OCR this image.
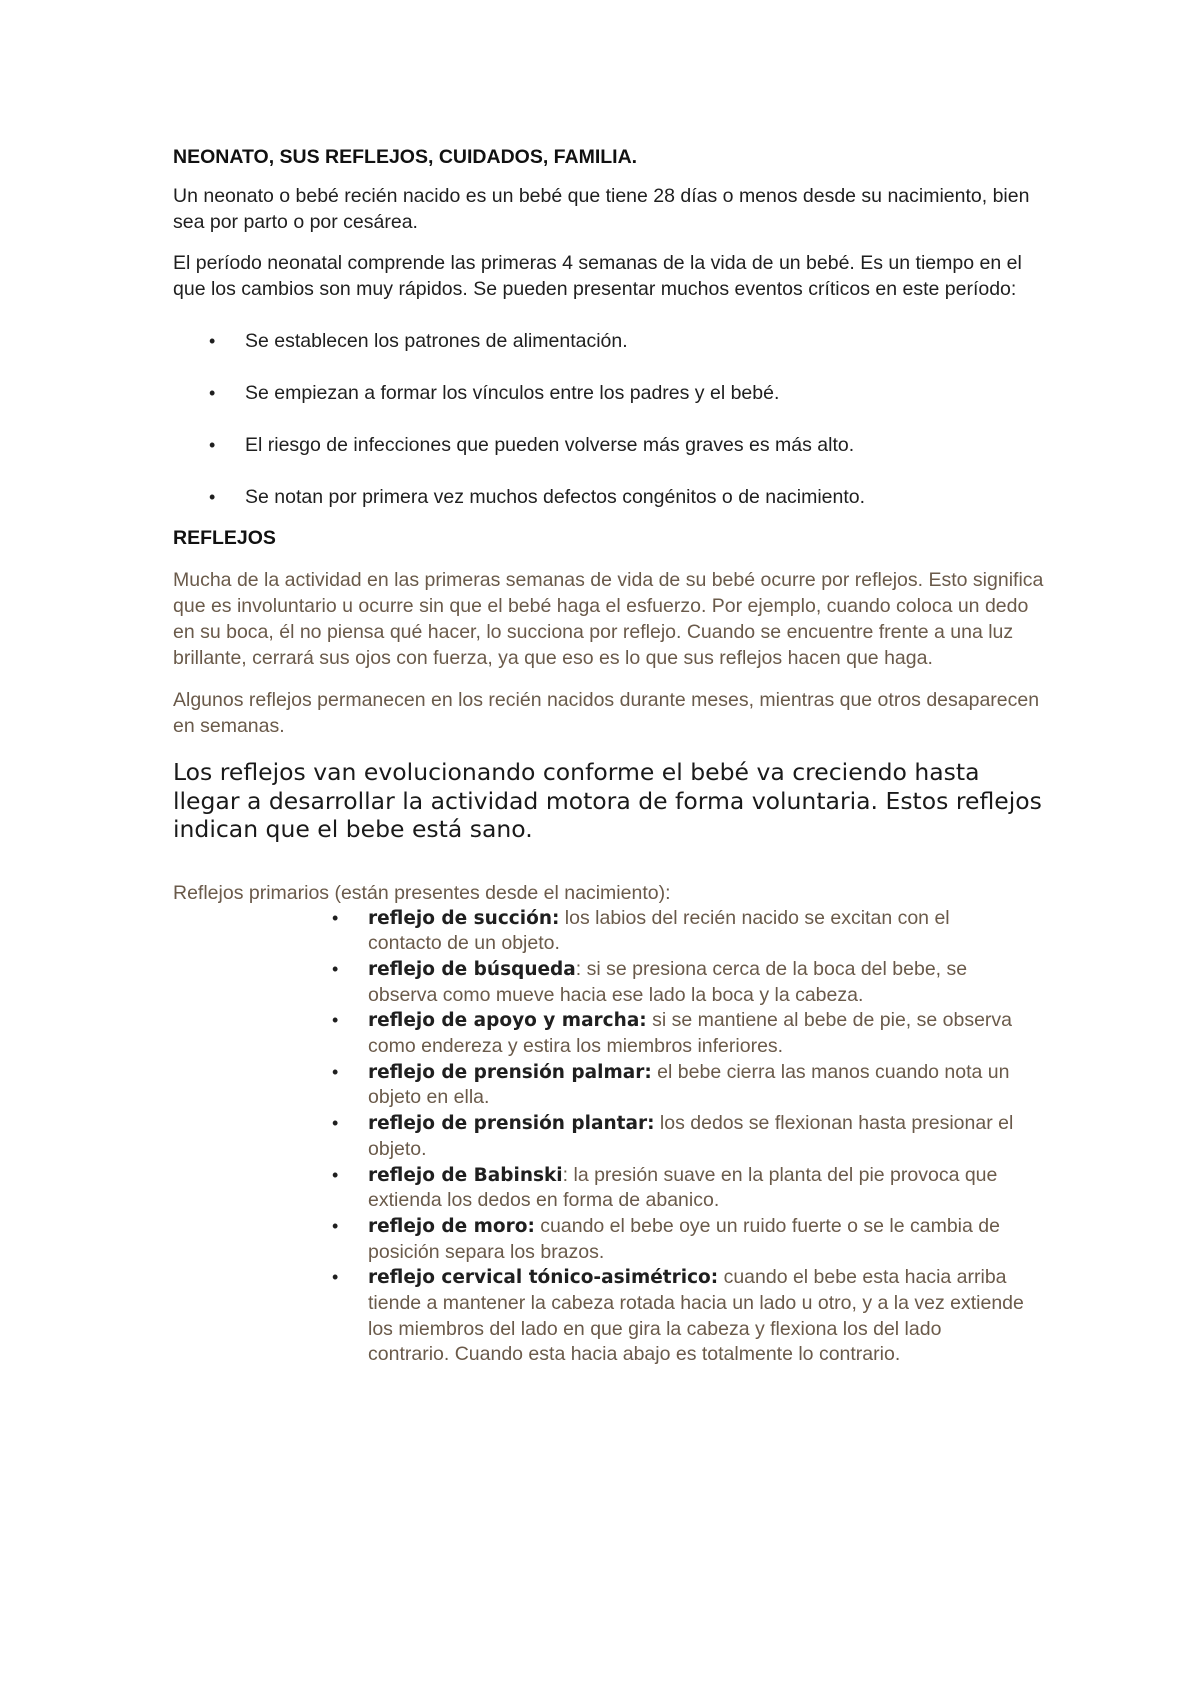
NEONATO, SUS REFLEJOS, CUIDADOS, FAMILIA.

Un neonato o bebé recién nacido es un bebé que tiene 28 días o menos desde su nacimiento, bien sea por parto o por cesárea.

El período neonatal comprende las primeras 4 semanas de la vida de un bebé. Es un tiempo en el que los cambios son muy rápidos. Se pueden presentar muchos eventos críticos en este período:

• Se establecen los patrones de alimentación.
• Se empiezan a formar los vínculos entre los padres y el bebé.
• El riesgo de infecciones que pueden volverse más graves es más alto.
• Se notan por primera vez muchos defectos congénitos o de nacimiento.
REFLEJOS

Mucha de la actividad en las primeras semanas de vida de su bebé ocurre por reflejos. Esto significa que es involuntario u ocurre sin que el bebé haga el esfuerzo. Por ejemplo, cuando coloca un dedo en su boca, él no piensa qué hacer, lo succiona por reflejo. Cuando se encuentre frente a una luz brillante, cerrará sus ojos con fuerza, ya que eso es lo que sus reflejos hacen que haga.

Algunos reflejos permanecen en los recién nacidos durante meses, mientras que otros desaparecen en semanas.

Los reflejos van evolucionando conforme el bebé va creciendo hasta llegar a desarrollar la actividad motora de forma voluntaria. Estos reflejos indican que el bebe está sano.

Reflejos primarios (están presentes desde el nacimiento):

• reflejo de succión: los labios del recién nacido se excitan con el contacto de un objeto.
• reflejo de búsqueda: si se presiona cerca de la boca del bebe, se observa como mueve hacia ese lado la boca y la cabeza.
• reflejo de apoyo y marcha: si se mantiene al bebe de pie, se observa como endereza y estira los miembros inferiores.
• reflejo de prensión palmar: el bebe cierra las manos cuando nota un objeto en ella.
• reflejo de prensión plantar: los dedos se flexionan hasta presionar el objeto.
• reflejo de Babinski: la presión suave en la planta del pie provoca que extienda los dedos en forma de abanico.
• reflejo de moro: cuando el bebe oye un ruido fuerte o se le cambia de posición separa los brazos.
• reflejo cervical tónico-asimétrico: cuando el bebe esta hacia arriba tiende a mantener la cabeza rotada hacia un lado u otro, y a la vez extiende los miembros del lado en que gira la cabeza y flexiona los del lado contrario. Cuando esta hacia abajo es totalmente lo contrario.
